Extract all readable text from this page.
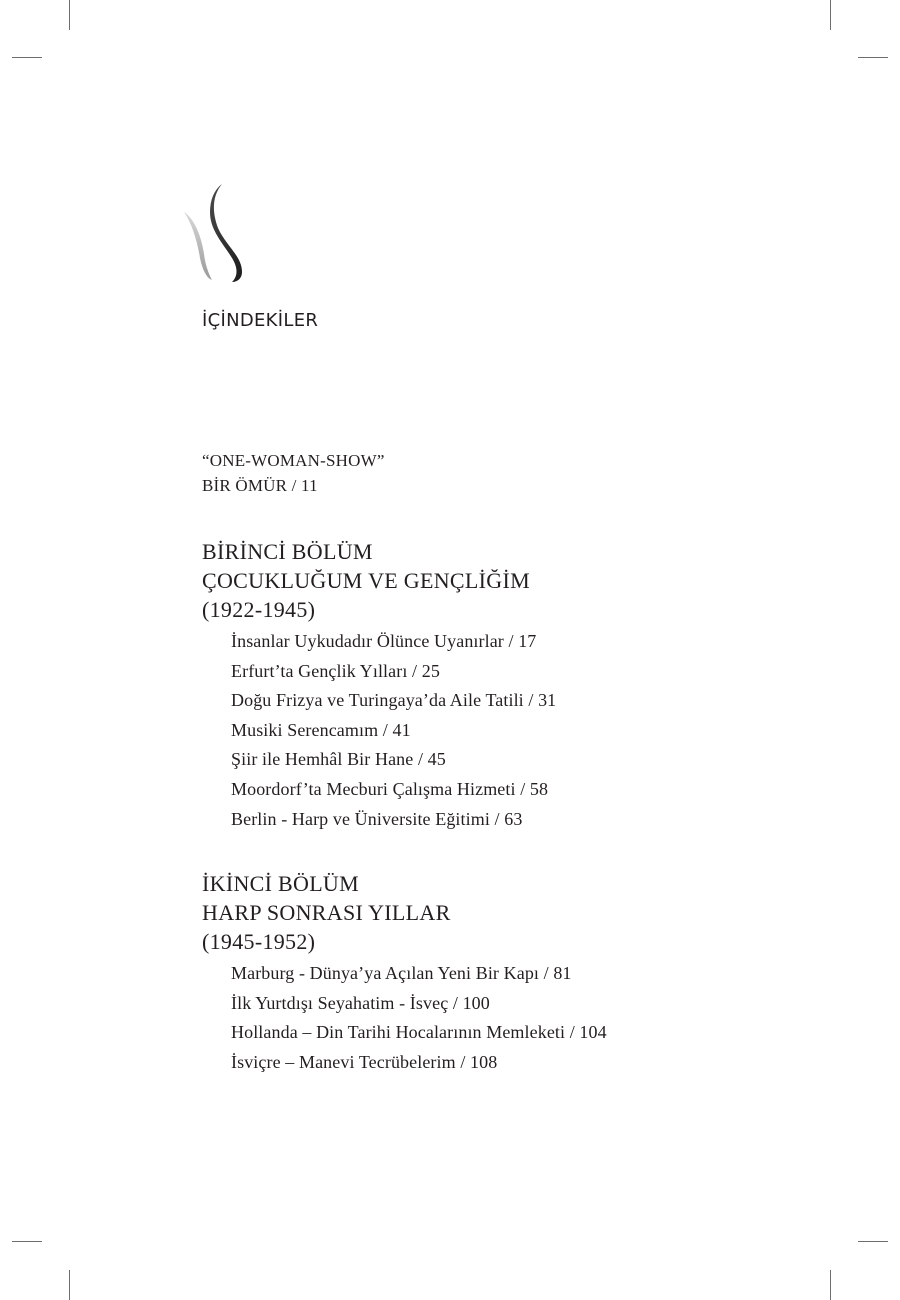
İÇİNDEKİLER
“ONE-WOMAN-SHOW”
BİR ÖMÜR / 11
BİRİNCİ BÖLÜM
ÇOCUKLUĞUM VE GENÇLİĞİM
(1922-1945)
İnsanlar Uykudadır Ölünce Uyanırlar / 17
Erfurt’ta Gençlik Yılları / 25
Doğu Frizya ve Turingaya’da Aile Tatili / 31
Musiki Serencamım / 41
Şiir ile Hemhâl Bir Hane / 45
Moordorf’ta Mecburi Çalışma Hizmeti / 58
Berlin - Harp ve Üniversite Eğitimi / 63
İKİNCİ BÖLÜM
HARP SONRASI YILLAR
(1945-1952)
Marburg - Dünya’ya Açılan Yeni Bir Kapı / 81
İlk Yurtdışı Seyahatim - İsveç / 100
Hollanda – Din Tarihi Hocalarının Memleketi / 104
İsviçre – Manevi Tecrübelerim / 108
